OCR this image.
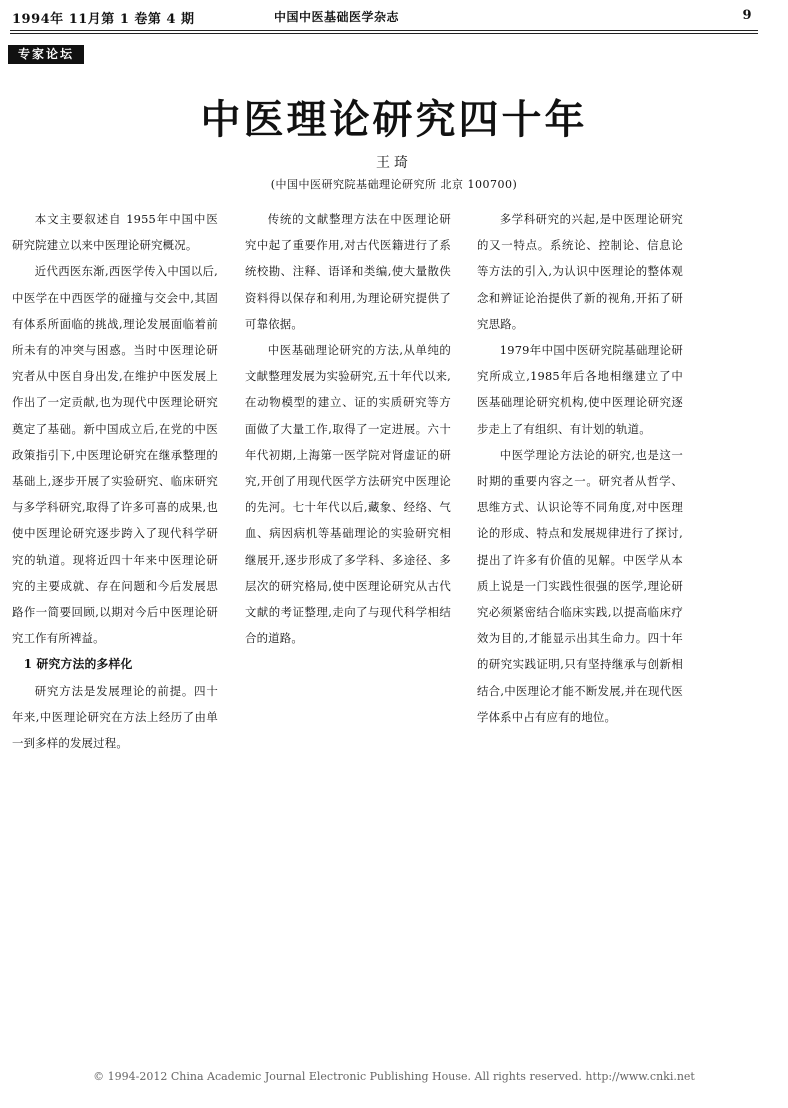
1994年 11月第 1 卷第 4 期	中国中医基础医学杂志	9
专家论坛
中医理论研究四十年
王琦
(中国中医研究院基础理论研究所 北京 100700)

本文主要叙述自 1955年中国中医研究院建立以来中医理论研究概况。

近代西医东渐,西医学传入中国以后,中医学在中西医学的碰撞与交会中,其固有体系所面临的挑战,理论发展面临着前所未有的冲突与困惑。当时中医理论研究者从中医自身出发,在维护中医发展上作出了一定贡献,也为现代中医理论研究奠定了基础。新中国成立后,在党的中医政策指引下,中医理论研究在继承整理的基础上,逐步开展了实验研究、临床研究与多学科研究,取得了许多可喜的成果,也使中医理论研究逐步跨入了现代科学研究的轨道。现将近四十年来中医理论研究的主要成就、存在问题和今后发展思路作一简要回顾,以期对今后中医理论研究工作有所裨益。

1 研究方法的多样化

研究方法是发展理论的前提。四十年来,中医理论研究在方法上经历了由单一到多样的发展过程。

传统的文献整理方法在中医理论研究中起了重要作用,对古代医籍进行了系统校勘、注释、语译和类编,使大量散佚资料得以保存和利用,为理论研究提供了可靠依据。

中医基础理论研究的方法,从单纯的文献整理发展为实验研究,五十年代以来,在动物模型的建立、证的实质研究等方面做了大量工作,取得了一定进展。六十年代初期,上海第一医学院对肾虚证的研究,开创了用现代医学方法研究中医理论的先河。七十年代以后,藏象、经络、气血、病因病机等基础理论的实验研究相继展开,逐步形成了多学科、多途径、多层次的研究格局,使中医理论研究从古代文献的考证整理,走向了与现代科学相结合的道路。

多学科研究的兴起,是中医理论研究的又一特点。系统论、控制论、信息论等方法的引入,为认识中医理论的整体观念和辨证论治提供了新的视角,开拓了研究思路。

1979年中国中医研究院基础理论研究所成立,1985年后各地相继建立了中医基础理论研究机构,使中医理论研究逐步走上了有组织、有计划的轨道。

中医学理论方法论的研究,也是这一时期的重要内容之一。研究者从哲学、思维方式、认识论等不同角度,对中医理论的形成、特点和发展规律进行了探讨,提出了许多有价值的见解。中医学从本质上说是一门实践性很强的医学,理论研究必须紧密结合临床实践,以提高临床疗效为目的,才能显示出其生命力。四十年的研究实践证明,只有坚持继承与创新相结合,中医理论才能不断发展,并在现代医学体系中占有应有的地位。

© 1994-2012 China Academic Journal Electronic Publishing House. All rights reserved. http://www.cnki.net
